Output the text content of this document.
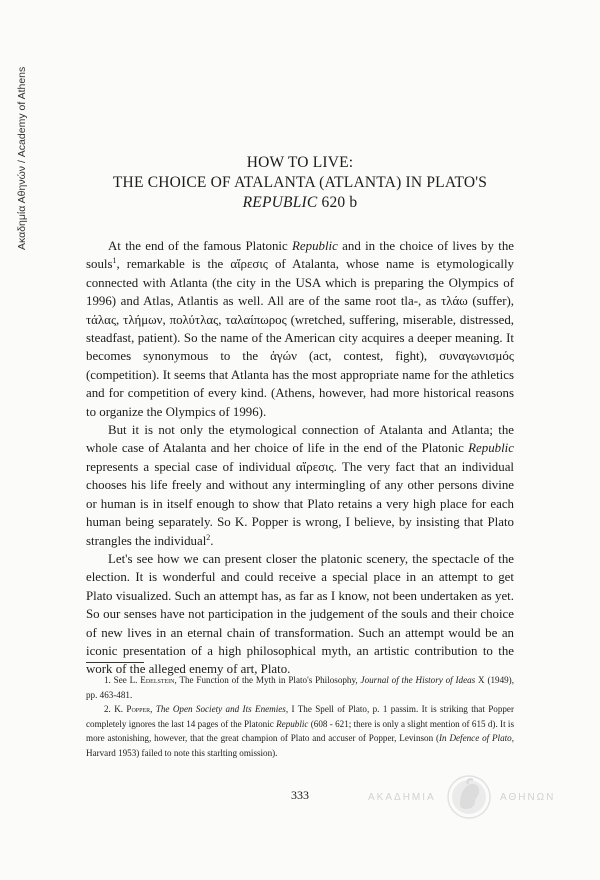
Ακαδημία Αθηνών / Academy of Athens	HOW TO LIVE:
THE CHOICE OF ATALANTA (ATLANTA) IN PLATO'S
REPUBLIC 620 b

At the end of the famous Platonic Republic and in the choice of lives by the souls$^1$, remarkable is the αἵρεσις of Atalanta, whose name is etymologically connected with Atlanta (the city in the USA which is preparing the Olympics of 1996) and Atlas, Atlantis as well. All are of the same root tla-, as τλάω (suffer), τάλας, τλήμων, πολύτλας, ταλαίπωρος (wretched, suffering, miserable, distressed, steadfast, patient). So the name of the American city acquires a deeper meaning. It becomes synonymous to the ἀγών (act, contest, fight), συναγωνισμός (competition). It seems that Atlanta has the most appropriate name for the athletics and for competition of every kind. (Athens, however, had more historical reasons to organize the Olympics of 1996).

But it is not only the etymological connection of Atalanta and Atlanta; the whole case of Atalanta and her choice of life in the end of the Platonic Republic represents a special case of individual αἵρεσις. The very fact that an individual chooses his life freely and without any intermingling of any other persons divine or human is in itself enough to show that Plato retains a very high place for each human being separately. So K. Popper is wrong, I believe, by insisting that Plato strangles the individual$^2$.

Let's see how we can present closer the platonic scenery, the spectacle of the election. It is wonderful and could receive a special place in an attempt to get Plato visualized. Such an attempt has, as far as I know, not been undertaken as yet. So our senses have not participation in the judgement of the souls and their choice of new lives in an eternal chain of transformation. Such an attempt would be an iconic presentation of a high philosophical myth, an artistic contribution to the work of the alleged enemy of art, Plato.

1. See L. Edelstein, The Function of the Myth in Plato's Philosophy, Journal of the History of Ideas X (1949), pp. 463-481.

2. K. Popper, The Open Society and Its Enemies, I The Spell of Plato, p. 1 passim. It is striking that Popper completely ignores the last 14 pages of the Platonic Republic (608 - 621; there is only a slight mention of 615 d). It is more astonishing, however, that the great champion of Plato and accuser of Popper, Levinson (In Defence of Plato, Harvard 1953) failed to note this starlting omission).

333	ΑΚΑΔΗΜΙΑ	ΑΘΗΝΩΝ
